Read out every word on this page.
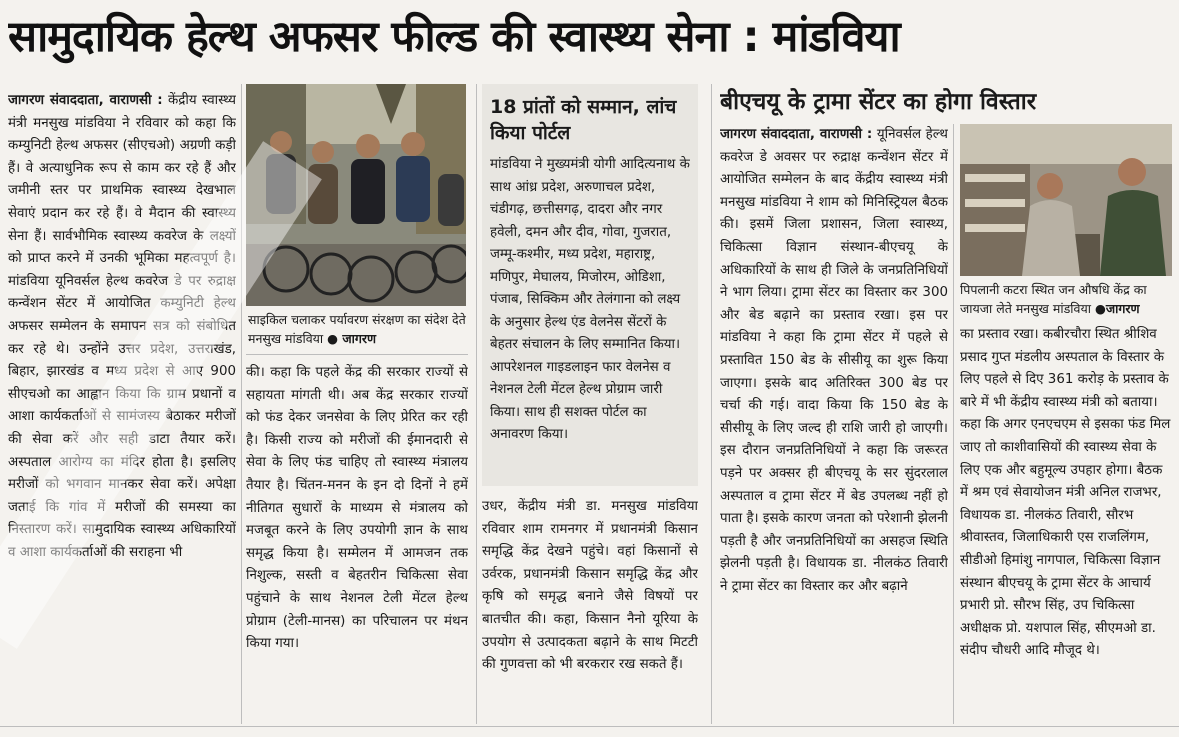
सामुदायिक हेल्थ अफसर फील्ड की स्वास्थ्य सेना : मांडविया

जागरण संवाददाता, वाराणसी : केंद्रीय स्वास्थ्य मंत्री मनसुख मांडविया ने रविवार को कहा कि कम्युनिटी हेल्थ अफसर (सीएचओ) अग्रणी कड़ी हैं। वे अत्याधुनिक रूप से काम कर रहे हैं और जमीनी स्तर पर प्राथमिक स्वास्थ्य देखभाल सेवाएं प्रदान कर रहे हैं। वे मैदान की स्वास्थ्य सेना हैं। सार्वभौमिक स्वास्थ्य कवरेज के लक्ष्यों को प्राप्त करने में उनकी भूमिका महत्वपूर्ण है। मांडविया यूनिवर्सल हेल्थ कवरेज डे पर रुद्राक्ष कन्वेंशन सेंटर में आयोजित कम्युनिटी हेल्थ अफसर सम्मेलन के समापन सत्र को संबोधित कर रहे थे। उन्होंने उत्तर प्रदेश, उत्तराखंड, बिहार, झारखंड व मध्य प्रदेश से आए 900 सीएचओ का आह्वान किया कि ग्राम प्रधानों व आशा कार्यकर्ताओं से सामंजस्य बैठाकर मरीजों की सेवा करें और सही डाटा तैयार करें। अस्पताल आरोग्य का मंदिर होता है। इसलिए मरीजों को भगवान मानकर सेवा करें। अपेक्षा जताई कि गांव में मरीजों की समस्या का निस्तारण करें। सामुदायिक स्वास्थ्य अधिकारियों व आशा कार्यकर्ताओं की सराहना भी

साइकिल चलाकर पर्यावरण संरक्षण का संदेश देते मनसुख मांडविया ● जागरण

की। कहा कि पहले केंद्र की सरकार राज्यों से सहायता मांगती थी। अब केंद्र सरकार राज्यों को फंड देकर जनसेवा के लिए प्रेरित कर रही है। किसी राज्य को मरीजों की ईमानदारी से सेवा के लिए फंड चाहिए तो स्वास्थ्य मंत्रालय तैयार है। चिंतन-मनन के इन दो दिनों ने हमें नीतिगत सुधारों के माध्यम से मंत्रालय को मजबूत करने के लिए उपयोगी ज्ञान के साथ समृद्ध किया है। सम्मेलन में आमजन तक निशुल्क, सस्ती व बेहतरीन चिकित्सा सेवा पहुंचाने के साथ नेशनल टेली मेंटल हेल्थ प्रोग्राम (टेली-मानस) का परिचालन पर मंथन किया गया।

18 प्रांतों को सम्मान, लांच किया पोर्टल
मांडविया ने मुख्यमंत्री योगी आदित्यनाथ के साथ आंध्र प्रदेश, अरुणाचल प्रदेश, चंडीगढ़, छत्तीसगढ़, दादरा और नगर हवेली, दमन और दीव, गोवा, गुजरात, जम्मू-कश्मीर, मध्य प्रदेश, महाराष्ट्र, मणिपुर, मेघालय, मिजोरम, ओडिशा, पंजाब, सिक्किम और तेलंगाना को लक्ष्य के अनुसार हेल्थ एंड वेलनेस सेंटरों के बेहतर संचालन के लिए सम्मानित किया। आपरेशनल गाइडलाइन फार वेलनेस व नेशनल टेली मेंटल हेल्थ प्रोग्राम जारी किया। साथ ही सशक्त पोर्टल का अनावरण किया।

उधर, केंद्रीय मंत्री डा. मनसुख मांडविया रविवार शाम रामनगर में प्रधानमंत्री किसान समृद्धि केंद्र देखने पहुंचे। वहां किसानों से उर्वरक, प्रधानमंत्री किसान समृद्धि केंद्र और कृषि को समृद्ध बनाने जैसे विषयों पर बातचीत की। कहा, किसान नैनो यूरिया के उपयोग से उत्पादकता बढ़ाने के साथ मिटटी की गुणवत्ता को भी बरकरार रख सकते हैं।

बीएचयू के ट्रामा सेंटर का होगा विस्तार

जागरण संवाददाता, वाराणसी : यूनिवर्सल हेल्थ कवरेज डे अवसर पर रुद्राक्ष कन्वेंशन सेंटर में आयोजित सम्मेलन के बाद केंद्रीय स्वास्थ्य मंत्री मनसुख मांडविया ने शाम को मिनिस्ट्रियल बैठक की। इसमें जिला प्रशासन, जिला स्वास्थ्य, चिकित्सा विज्ञान संस्थान-बीएचयू के अधिकारियों के साथ ही जिले के जनप्रतिनिधियों ने भाग लिया। ट्रामा सेंटर का विस्तार कर 300 और बेड बढ़ाने का प्रस्ताव रखा। इस पर मांडविया ने कहा कि ट्रामा सेंटर में पहले से प्रस्तावित 150 बेड के सीसीयू का शुरू किया जाएगा। इसके बाद अतिरिक्त 300 बेड पर चर्चा की गई। वादा किया कि 150 बेड के सीसीयू के लिए जल्द ही राशि जारी हो जाएगी। इस दौरान जनप्रतिनिधियों ने कहा कि जरूरत पड़ने पर अक्सर ही बीएचयू के सर सुंदरलाल अस्पताल व ट्रामा सेंटर में बेड उपलब्ध नहीं हो पाता है। इसके कारण जनता को परेशानी झेलनी पड़ती है और जनप्रतिनिधियों का असहज स्थिति झेलनी पड़ती है। विधायक डा. नीलकंठ तिवारी ने ट्रामा सेंटर का विस्तार कर और बढ़ाने

पिपलानी कटरा स्थित जन औषधि केंद्र का जायजा लेते मनसुख मांडविया ●जागरण

का प्रस्ताव रखा। कबीरचौरा स्थित श्रीशिव प्रसाद गुप्त मंडलीय अस्पताल के विस्तार के लिए पहले से दिए 361 करोड़ के प्रस्ताव के बारे में भी केंद्रीय स्वास्थ्य मंत्री को बताया। कहा कि अगर एनएचएम से इसका फंड मिल जाए तो काशीवासियों की स्वास्थ्य सेवा के लिए एक और बहुमूल्य उपहार होगा। बैठक में श्रम एवं सेवायोजन मंत्री अनिल राजभर, विधायक डा. नीलकंठ तिवारी, सौरभ श्रीवास्तव, जिलाधिकारी एस राजलिंगम, सीडीओ हिमांशु नागपाल, चिकित्सा विज्ञान संस्थान बीएचयू के ट्रामा सेंटर के आचार्य प्रभारी प्रो. सौरभ सिंह, उप चिकित्सा अधीक्षक प्रो. यशपाल सिंह, सीएमओ डा. संदीप चौधरी आदि मौजूद थे।
